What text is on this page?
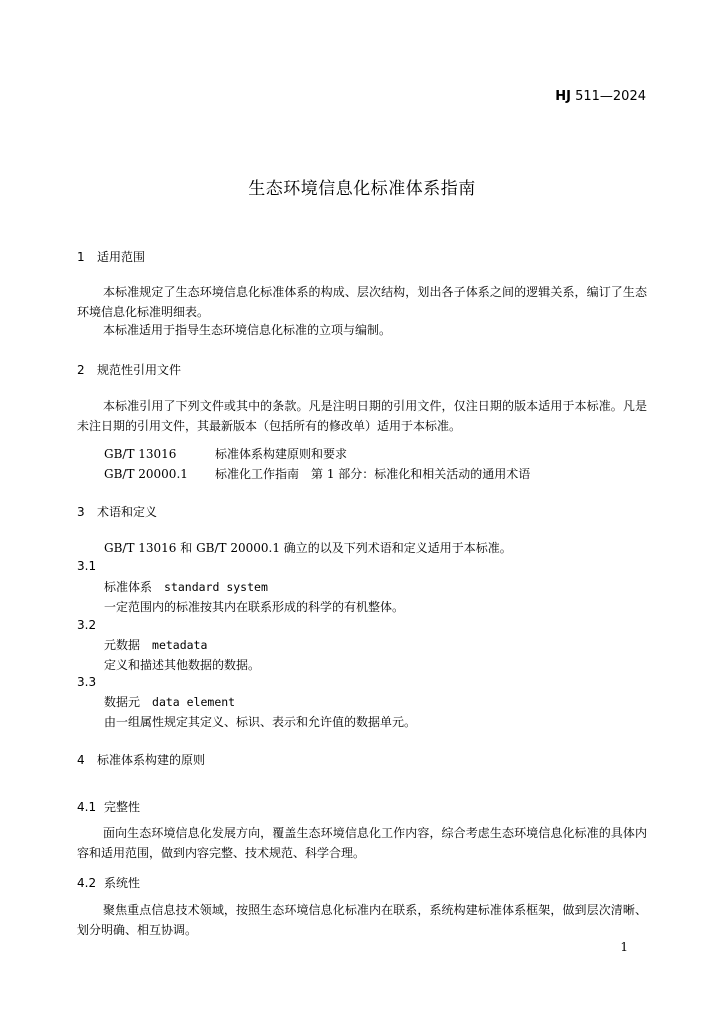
HJ 511—2024
生态环境信息化标准体系指南
1 适用范围
本标准规定了生态环境信息化标准体系的构成、层次结构，划出各子体系之间的逻辑关系，编订了生态环境信息化标准明细表。
本标准适用于指导生态环境信息化标准的立项与编制。
2 规范性引用文件
本标准引用了下列文件或其中的条款。凡是注明日期的引用文件，仅注日期的版本适用于本标准。凡是未注日期的引用文件，其最新版本（包括所有的修改单）适用于本标准。
GB/T 13016	标准体系构建原则和要求
GB/T 20000.1 标准化工作指南　第 1 部分：标准化和相关活动的通用术语
3 术语和定义
GB/T 13016 和 GB/T 20000.1 确立的以及下列术语和定义适用于本标准。
3.1
标准体系 standard system
一定范围内的标准按其内在联系形成的科学的有机整体。
3.2
元数据 metadata
定义和描述其他数据的数据。
3.3
数据元 data element
由一组属性规定其定义、标识、表示和允许值的数据单元。
4 标准体系构建的原则
4.1 完整性
面向生态环境信息化发展方向，覆盖生态环境信息化工作内容，综合考虑生态环境信息化标准的具体内容和适用范围，做到内容完整、技术规范、科学合理。
4.2 系统性
聚焦重点信息技术领域，按照生态环境信息化标准内在联系，系统构建标准体系框架，做到层次清晰、划分明确、相互协调。
1
